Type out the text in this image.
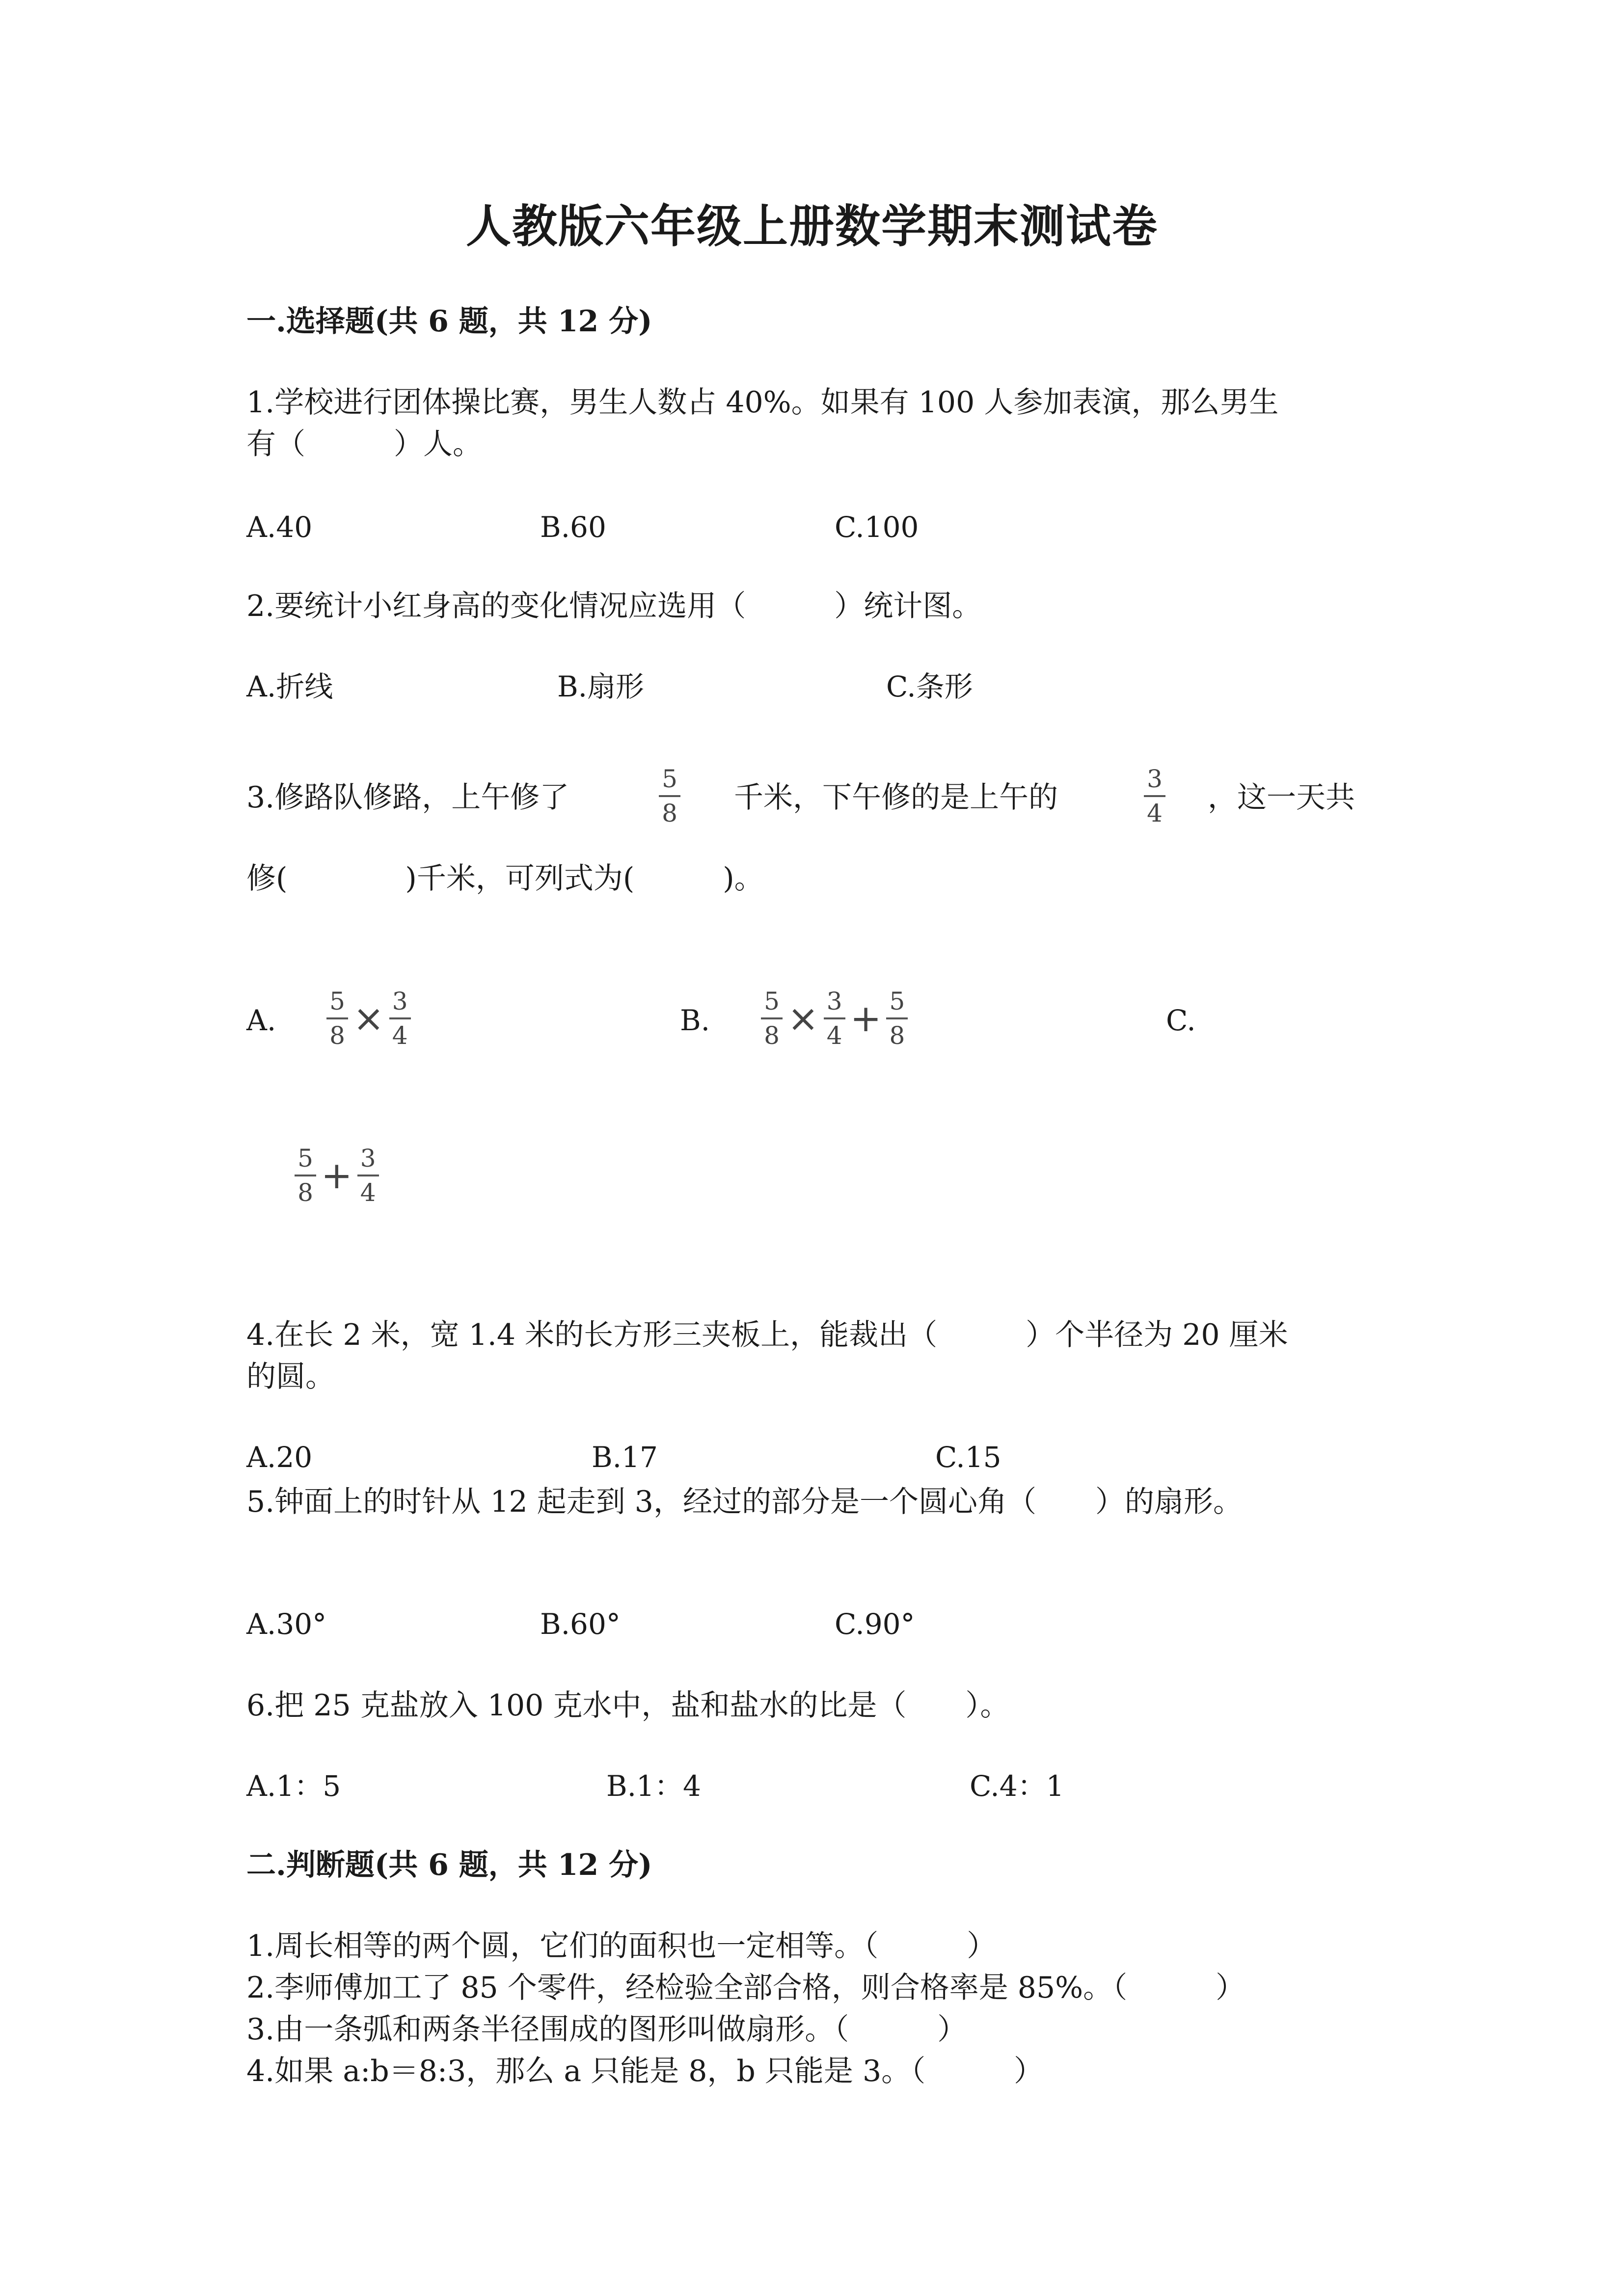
人教版六年级上册数学期末测试卷
一.选择题(共 6 题，共 12 分)
1.学校进行团体操比赛，男生人数占 40%。如果有 100 人参加表演，那么男生
有（　　　）人。
A.40	B.60	C.100
2.要统计小红身高的变化情况应选用（　　　）统计图。
A.折线	B.扇形	C.条形
3.修路队修路，上午修了
5
8 千米，下午修的是上午的
3
4 ，这一天共
修(　　　　)千米，可列式为(　　　)。
A. $\frac{5}{8} \times \frac{3}{4}$	B. $\frac{5}{8} \times \frac{3}{4} + \frac{5}{8}$	C.
$\frac{5}{8} + \frac{3}{4}$
4.在长 2 米，宽 1.4 米的长方形三夹板上，能裁出（　　　）个半径为 20 厘米
的圆。
A.20	B.17	C.15
5.钟面上的时针从 12 起走到 3，经过的部分是一个圆心角（　　）的扇形。
A.30°	B.60°	C.90°
6.把 25 克盐放入 100 克水中，盐和盐水的比是（　　）。
A.1：5	B.1：4	C.4：1
二.判断题(共 6 题，共 12 分)
1.周长相等的两个圆，它们的面积也一定相等。（　　　）
2.李师傅加工了 85 个零件，经检验全部合格，则合格率是 85%。（　　　）
3.由一条弧和两条半径围成的图形叫做扇形。（　　　）
4.如果 a:b＝8:3，那么 a 只能是 8，b 只能是 3。（　　　）
